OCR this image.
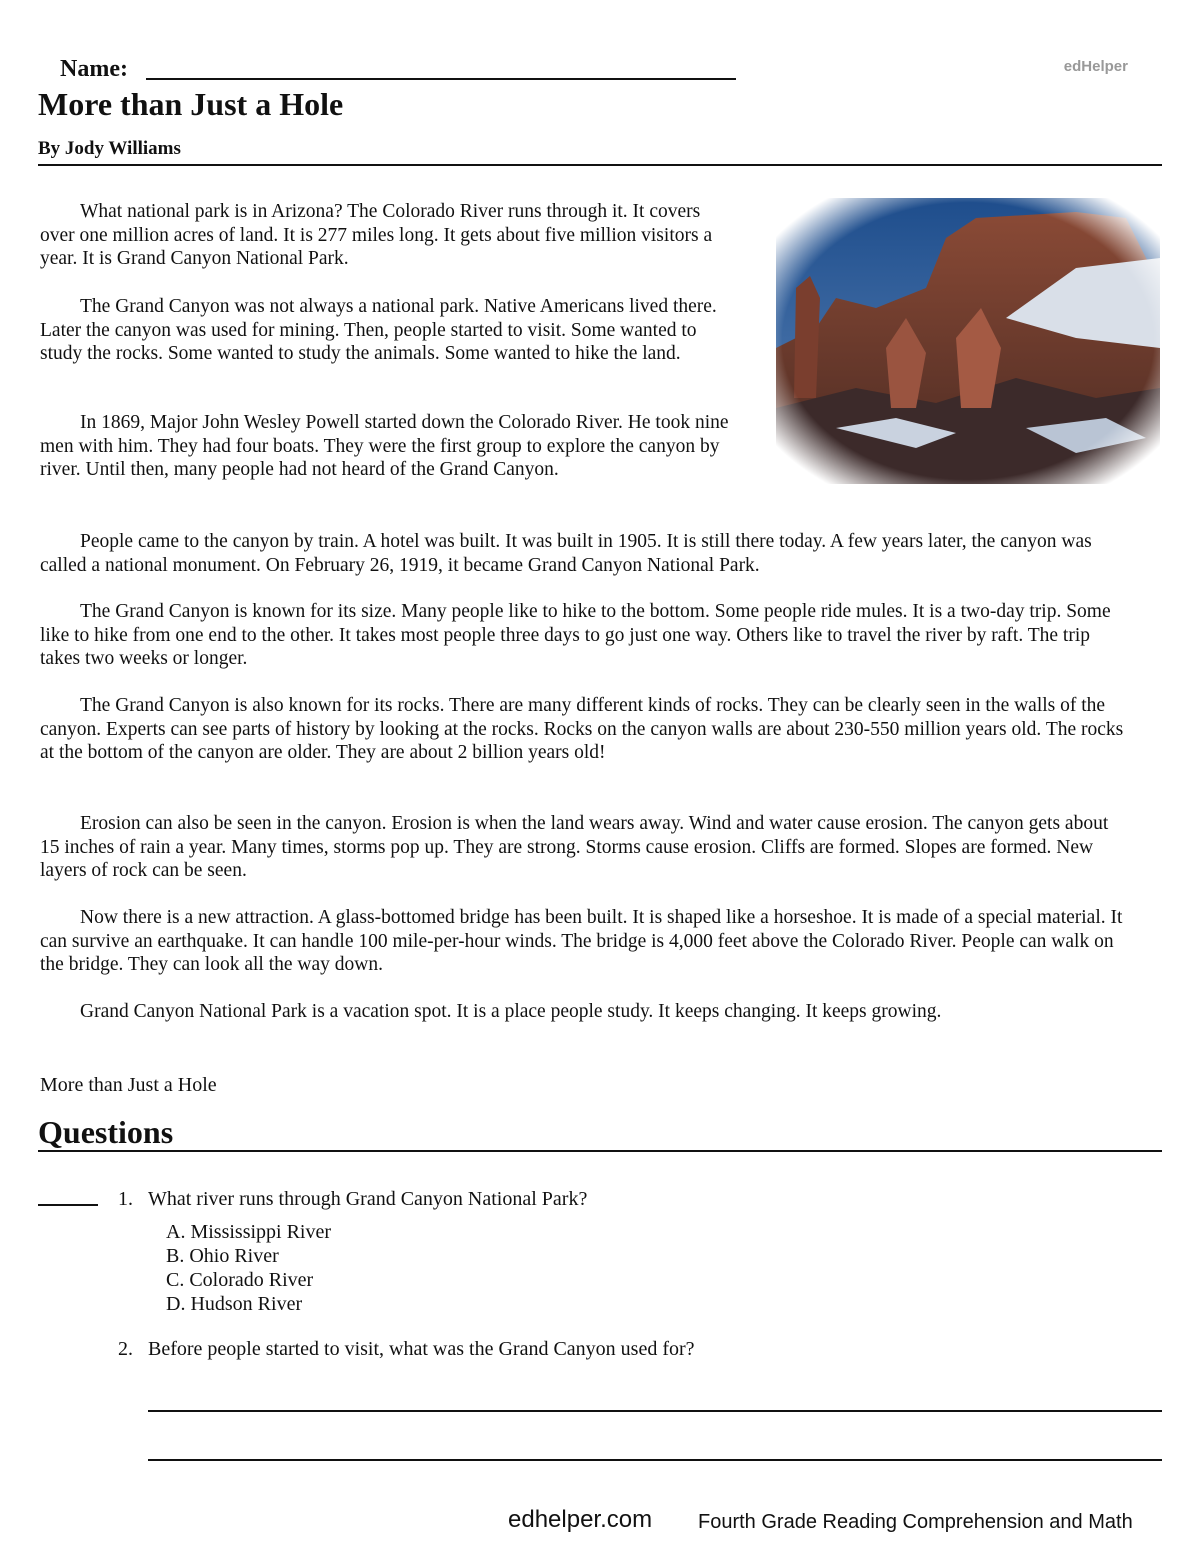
Name:	edHelper
More than Just a Hole
By Jody Williams

What national park is in Arizona? The Colorado River runs through it. It covers over one million acres of land. It is 277 miles long. It gets about five million visitors a year. It is Grand Canyon National Park.

The Grand Canyon was not always a national park. Native Americans lived there. Later the canyon was used for mining. Then, people started to visit. Some wanted to study the rocks. Some wanted to study the animals. Some wanted to hike the land.

In 1869, Major John Wesley Powell started down the Colorado River. He took nine men with him. They had four boats. They were the first group to explore the canyon by river. Until then, many people had not heard of the Grand Canyon.

People came to the canyon by train. A hotel was built. It was built in 1905. It is still there today. A few years later, the canyon was called a national monument. On February 26, 1919, it became Grand Canyon National Park.

The Grand Canyon is known for its size. Many people like to hike to the bottom. Some people ride mules. It is a two-day trip. Some like to hike from one end to the other. It takes most people three days to go just one way. Others like to travel the river by raft. The trip takes two weeks or longer.

The Grand Canyon is also known for its rocks. There are many different kinds of rocks. They can be clearly seen in the walls of the canyon. Experts can see parts of history by looking at the rocks. Rocks on the canyon walls are about 230-550 million years old. The rocks at the bottom of the canyon are older. They are about 2 billion years old!

Erosion can also be seen in the canyon. Erosion is when the land wears away. Wind and water cause erosion. The canyon gets about 15 inches of rain a year. Many times, storms pop up. They are strong. Storms cause erosion. Cliffs are formed. Slopes are formed. New layers of rock can be seen.

Now there is a new attraction. A glass-bottomed bridge has been built. It is shaped like a horseshoe. It is made of a special material. It can survive an earthquake. It can handle 100 mile-per-hour winds. The bridge is 4,000 feet above the Colorado River. People can walk on the bridge. They can look all the way down.

Grand Canyon National Park is a vacation spot. It is a place people study. It keeps changing. It keeps growing.

More than Just a Hole
Questions
1. What river runs through Grand Canyon National Park?
A. Mississippi River
B. Ohio River
C. Colorado River
D. Hudson River
2. Before people started to visit, what was the Grand Canyon used for?
edhelper.com Fourth Grade Reading Comprehension and Math
